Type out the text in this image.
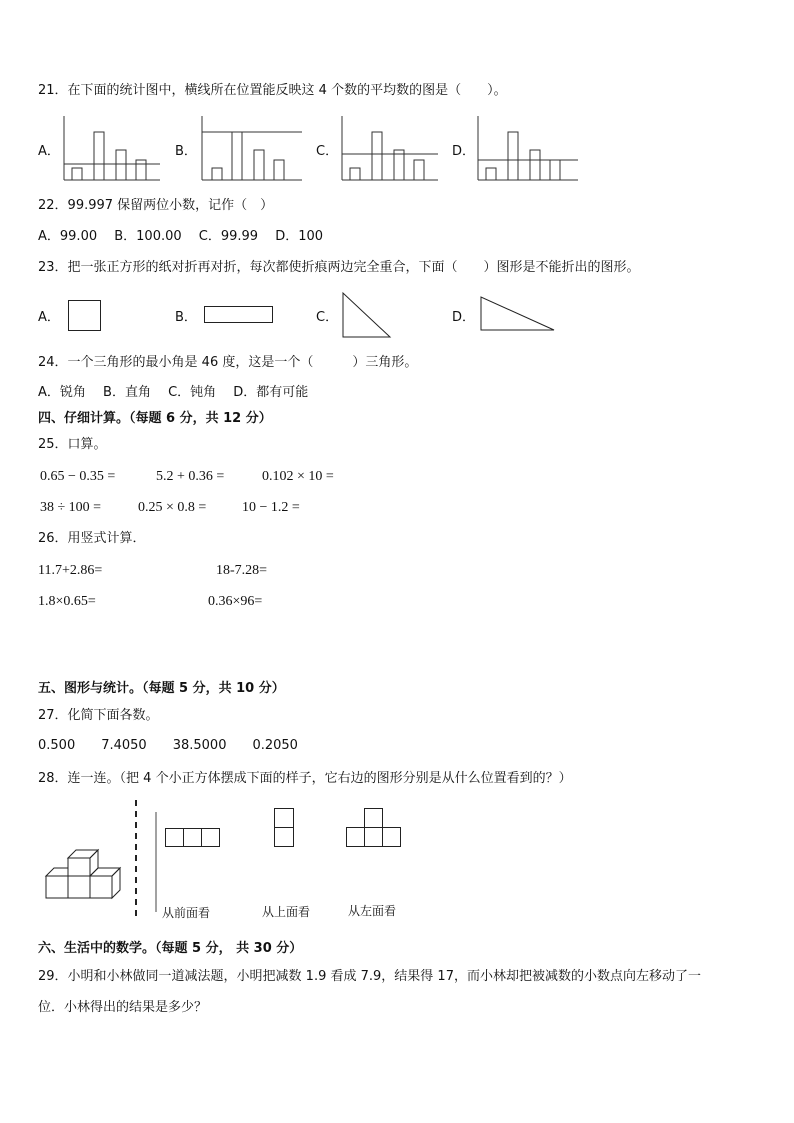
21．在下面的统计图中，横线所在位置能反映这 4 个数的平均数的图是（　　）。
A．	B．	C．	D．
22．99.997 保留两位小数，记作（　）
A．99.00　 B．100.00　 C．99.99　 D．100
23．把一张正方形的纸对折再对折，每次都使折痕两边完全重合，下面（　　）图形是不能折出的图形。
A．	B．	C．	D．
24．一个三角形的最小角是 46 度，这是一个（　　　）三角形。
A．锐角　 B．直角　 C．钝角　 D．都有可能
四、仔细计算。（每题 6 分，共 12 分）
25．口算。
0.65 − 0.35 =	5.2 + 0.36 =	0.102 × 10 =
38 ÷ 100 =	0.25 × 0.8 =	10 − 1.2 =
26．用竖式计算．
11.7+2.86=	18-7.28=
1.8×0.65=	0.36×96=
五、图形与统计。（每题 5 分，共 10 分）
27．化简下面各数。
0.500　　7.4050　　38.5000　　0.2050
28．连一连。（把 4 个小正方体摆成下面的样子，它右边的图形分别是从什么位置看到的？）
从前面看	从上面看	从左面看
六、生活中的数学。（每题 5 分， 共 30 分）
29．小明和小林做同一道减法题，小明把减数 1.9 看成 7.9，结果得 17，而小林却把被减数的小数点向左移动了一
位．小林得出的结果是多少？
